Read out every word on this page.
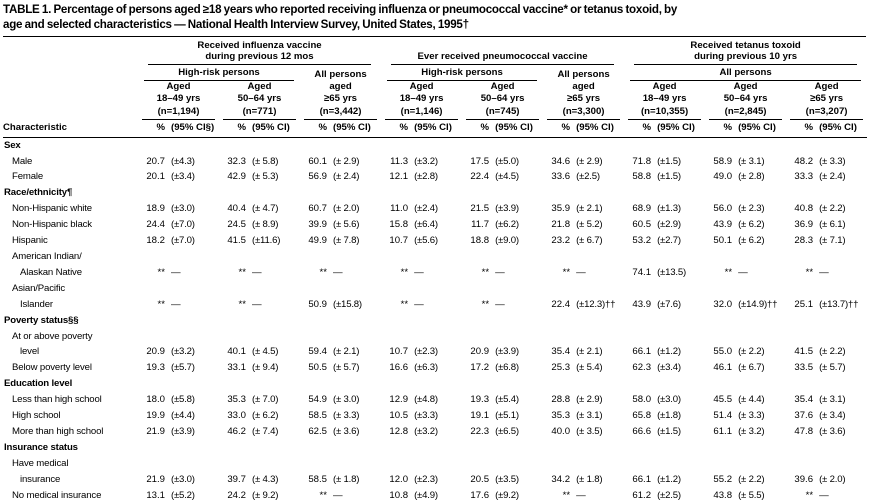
TABLE 1. Percentage of persons aged ≥18 years who reported receiving influenza or pneumococcal vaccine* or tetanus toxoid, by
age and selected characteristics — National Health Interview Survey, United States, 1995†

Received influenza vaccine
during previous 12 mos	Ever received pneumococcal vaccine

Received tetanus toxoid
during previous 10 yrs

	High-risk persons				All persons		High-risk persons				All persons		All persons					

	Aged		Aged		aged		Aged		Aged		aged		Aged		Aged		Aged	
	18–49 yrs		50–64 yrs		≥65 yrs		18–49 yrs		50–64 yrs		≥65 yrs		18–49 yrs		50–64 yrs		≥65 yrs	

	(n=1,194)		(n=771)		(n=3,442)		(n=1,146)		(n=745)		(n=3,300)		(n=10,355)		(n=2,845)		(n=3,207)	

Characteristic	%	(95% CI§)	%	(95% CI)	%	(95% CI)	%	(95% CI)	%	(95% CI)	%	(95% CI)	%	(95% CI)	%	(95% CI)	%	(95% CI)
Sex																		
Male	20.7	(±4.3)	32.3	(± 5.8)	60.1	(± 2.9)	11.3	(±3.2)	17.5	(±5.0)	34.6	(± 2.9)	71.8	(±1.5)	58.9	(± 3.1)	48.2	(± 3.3)
Female	20.1	(±3.4)	42.9	(± 5.3)	56.9	(± 2.4)	12.1	(±2.8)	22.4	(±4.5)	33.6	(±2.5)	58.8	(±1.5)	49.0	(± 2.8)	33.3	(± 2.4)
Race/ethnicity¶																		
Non-Hispanic white	18.9	(±3.0)	40.4	(± 4.7)	60.7	(± 2.0)	11.0	(±2.4)	21.5	(±3.9)	35.9	(± 2.1)	68.9	(±1.3)	56.0	(± 2.3)	40.8	(± 2.2)
Non-Hispanic black	24.4	(±7.0)	24.5	(± 8.9)	39.9	(± 5.6)	15.8	(±6.4)	11.7	(±6.2)	21.8	(± 5.2)	60.5	(±2.9)	43.9	(± 6.2)	36.9	(± 6.1)
Hispanic	18.2	(±7.0)	41.5	(±11.6)	49.9	(± 7.8)	10.7	(±5.6)	18.8	(±9.0)	23.2	(± 6.7)	53.2	(±2.7)	50.1	(± 6.2)	28.3	(± 7.1)
American Indian/																		
Alaskan Native	**	—	**	—	**	—	**	—	**	—	**	—	74.1	(±13.5)	**	—	**	—
Asian/Pacific																		
Islander	**	—	**	—	50.9	(±15.8)	**	—	**	—	22.4	(±12.3)††	43.9	(±7.6)	32.0	(±14.9)††	25.1	(±13.7)††
Poverty status§§																		
At or above poverty																		
level	20.9	(±3.2)	40.1	(± 4.5)	59.4	(± 2.1)	10.7	(±2.3)	20.9	(±3.9)	35.4	(± 2.1)	66.1	(±1.2)	55.0	(± 2.2)	41.5	(± 2.2)
Below poverty level	19.3	(±5.7)	33.1	(± 9.4)	50.5	(± 5.7)	16.6	(±6.3)	17.2	(±6.8)	25.3	(± 5.4)	62.3	(±3.4)	46.1	(± 6.7)	33.5	(± 5.7)
Education level																		
Less than high school	18.0	(±5.8)	35.3	(± 7.0)	54.9	(± 3.0)	12.9	(±4.8)	19.3	(±5.4)	28.8	(± 2.9)	58.0	(±3.0)	45.5	(± 4.4)	35.4	(± 3.1)
High school	19.9	(±4.4)	33.0	(± 6.2)	58.5	(± 3.3)	10.5	(±3.3)	19.1	(±5.1)	35.3	(± 3.1)	65.8	(±1.8)	51.4	(± 3.3)	37.6	(± 3.4)
More than high school	21.9	(±3.9)	46.2	(± 7.4)	62.5	(± 3.6)	12.8	(±3.2)	22.3	(±6.5)	40.0	(± 3.5)	66.6	(±1.5)	61.1	(± 3.2)	47.8	(± 3.6)
Insurance status																		
Have medical																		
insurance	21.9	(±3.0)	39.7	(± 4.3)	58.5	(± 1.8)	12.0	(±2.3)	20.5	(±3.5)	34.2	(± 1.8)	66.1	(±1.2)	55.2	(± 2.2)	39.6	(± 2.0)
No medical insurance	13.1	(±5.2)	24.2	(± 9.2)	**	—	10.8	(±4.9)	17.6	(±9.2)	**	—	61.2	(±2.5)	43.8	(± 5.5)	**	—
